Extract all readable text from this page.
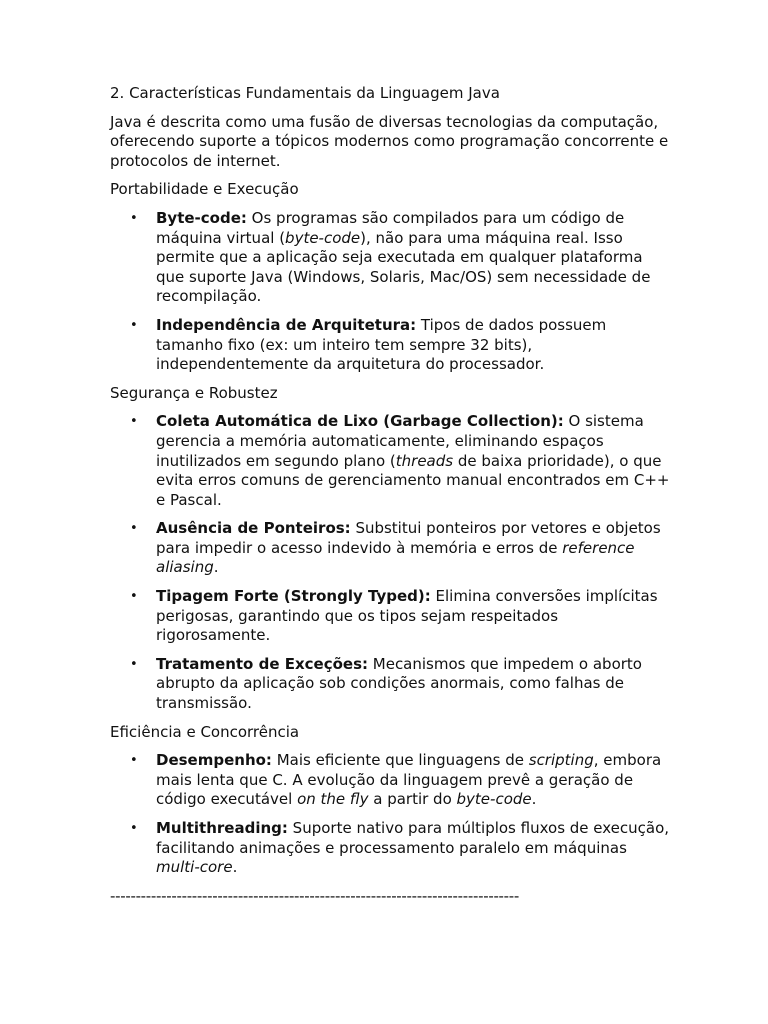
2. Características Fundamentais da Linguagem Java
Java é descrita como uma fusão de diversas tecnologias da computação, oferecendo suporte a tópicos modernos como programação concorrente e protocolos de internet.
Portabilidade e Execução
• Byte-code: Os programas são compilados para um código de máquina virtual (byte-code), não para uma máquina real. Isso permite que a aplicação seja executada em qualquer plataforma que suporte Java (Windows, Solaris, Mac/OS) sem necessidade de recompilação.
• Independência de Arquitetura: Tipos de dados possuem tamanho fixo (ex: um inteiro tem sempre 32 bits), independentemente da arquitetura do processador.
Segurança e Robustez
• Coleta Automática de Lixo (Garbage Collection): O sistema gerencia a memória automaticamente, eliminando espaços inutilizados em segundo plano (threads de baixa prioridade), o que evita erros comuns de gerenciamento manual encontrados em C++ e Pascal.
• Ausência de Ponteiros: Substitui ponteiros por vetores e objetos para impedir o acesso indevido à memória e erros de reference aliasing.
• Tipagem Forte (Strongly Typed): Elimina conversões implícitas perigosas, garantindo que os tipos sejam respeitados rigorosamente.
• Tratamento de Exceções: Mecanismos que impedem o aborto abrupto da aplicação sob condições anormais, como falhas de transmissão.
Eficiência e Concorrência
• Desempenho: Mais eficiente que linguagens de scripting, embora mais lenta que C. A evolução da linguagem prevê a geração de código executável on the fly a partir do byte-code.
• Multithreading: Suporte nativo para múltiplos fluxos de execução, facilitando animações e processamento paralelo em máquinas multi-core.
--------------------------------------------------------------------------------
